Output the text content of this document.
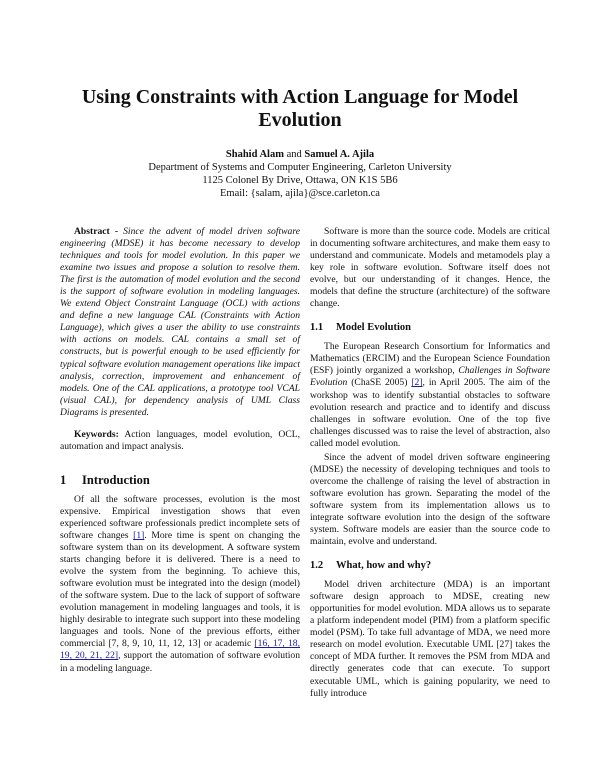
Using Constraints with Action Language for Model Evolution
Shahid Alam and Samuel A. Ajila
Department of Systems and Computer Engineering, Carleton University
1125 Colonel By Drive, Ottawa, ON K1S 5B6
Email: {salam, ajila}@sce.carleton.ca

Abstract - Since the advent of model driven software engineering (MDSE) it has become necessary to develop techniques and tools for model evolution. In this paper we examine two issues and propose a solution to resolve them. The first is the automation of model evolution and the second is the support of software evolution in modeling languages. We extend Object Constraint Language (OCL) with actions and define a new language CAL (Constraints with Action Language), which gives a user the ability to use constraints with actions on models. CAL contains a small set of constructs, but is powerful enough to be used efficiently for typical software evolution management operations like impact analysis, correction, improvement and enhancement of models. One of the CAL applications, a prototype tool VCAL (visual CAL), for dependency analysis of UML Class Diagrams is presented.

Keywords: Action languages, model evolution, OCL, automation and impact analysis.

1 Introduction

Of all the software processes, evolution is the most expensive. Empirical investigation shows that even experienced software professionals predict incomplete sets of software changes [1]. More time is spent on changing the software system than on its development. A software system starts changing before it is delivered. There is a need to evolve the system from the beginning. To achieve this, software evolution must be integrated into the design (model) of the software system. Due to the lack of support of software evolution management in modeling languages and tools, it is highly desirable to integrate such support into these modeling languages and tools. None of the previous efforts, either commercial [7, 8, 9, 10, 11, 12, 13] or academic [16, 17, 18, 19, 20, 21, 22], support the automation of software evolution in a modeling language.

Software is more than the source code. Models are critical in documenting software architectures, and make them easy to understand and communicate. Models and metamodels play a key role in software evolution. Software itself does not evolve, but our understanding of it changes. Hence, the models that define the structure (architecture) of the software change.

1.1 Model Evolution

The European Research Consortium for Informatics and Mathematics (ERCIM) and the European Science Foundation (ESF) jointly organized a workshop, Challenges in Software Evolution (ChaSE 2005) [2], in April 2005. The aim of the workshop was to identify substantial obstacles to software evolution research and practice and to identify and discuss challenges in software evolution. One of the top five challenges discussed was to raise the level of abstraction, also called model evolution.

Since the advent of model driven software engineering (MDSE) the necessity of developing techniques and tools to overcome the challenge of raising the level of abstraction in software evolution has grown. Separating the model of the software system from its implementation allows us to integrate software evolution into the design of the software system. Software models are easier than the source code to maintain, evolve and understand.

1.2 What, how and why?

Model driven architecture (MDA) is an important software design approach to MDSE, creating new opportunities for model evolution. MDA allows us to separate a platform independent model (PIM) from a platform specific model (PSM). To take full advantage of MDA, we need more research on model evolution. Executable UML [27] takes the concept of MDA further. It removes the PSM from MDA and directly generates code that can execute. To support executable UML, which is gaining popularity, we need to fully introduce
